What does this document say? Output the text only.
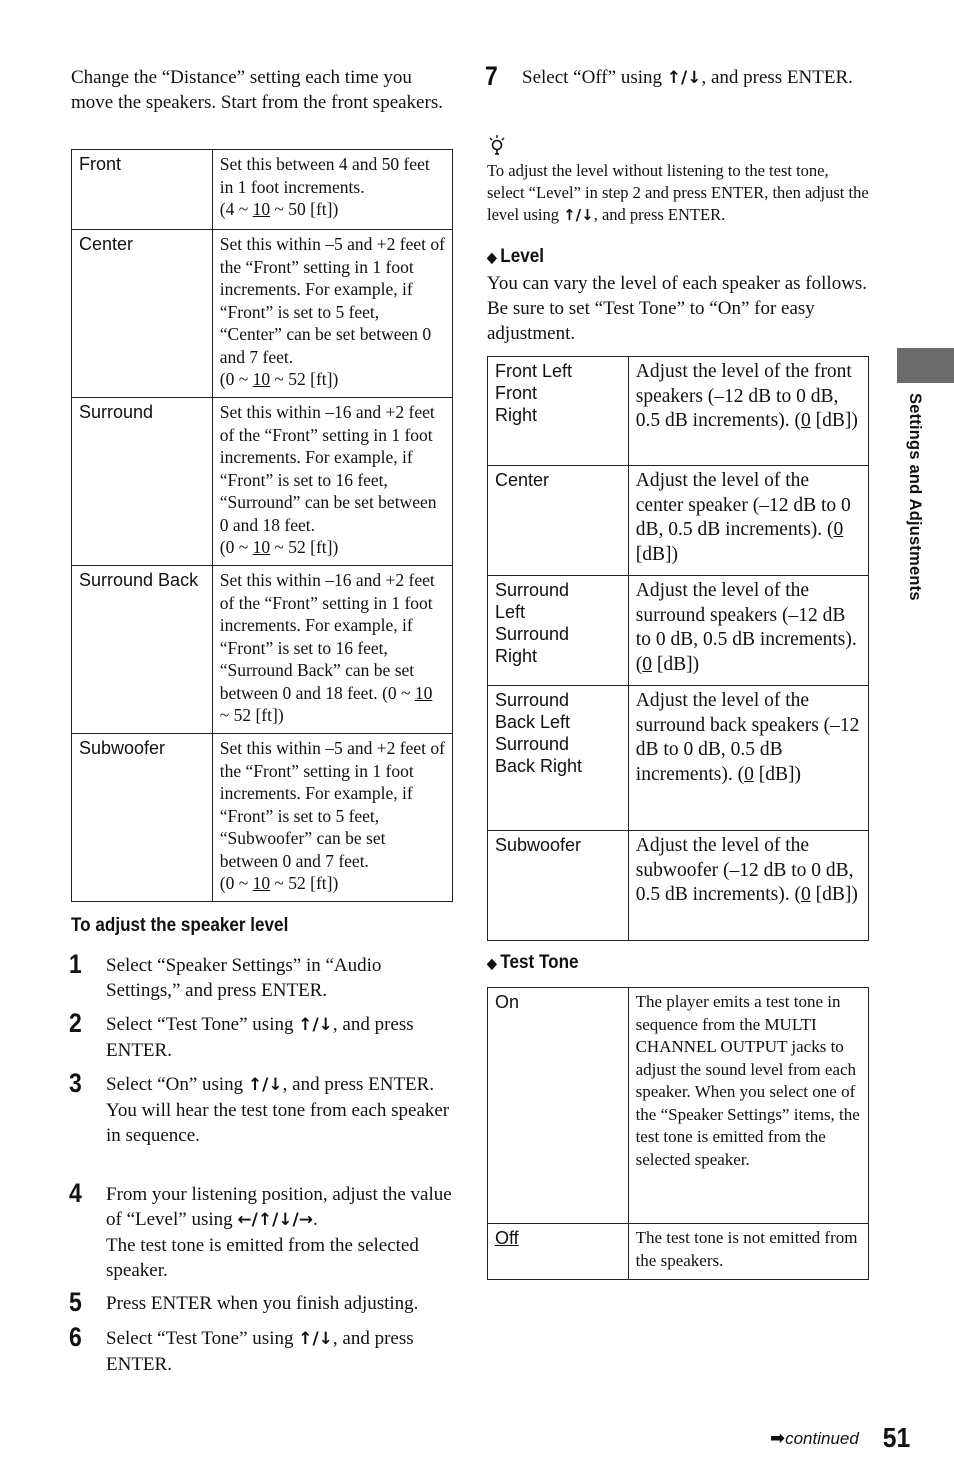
Change the “Distance” setting each time you move the speakers. Start from the front speakers.

Front	Set this between 4 and 50 feet in 1 foot increments.
(4 ~ 10 ~ 50 [ft])
Center	Set this within –5 and +2 feet of the “Front” setting in 1 foot increments. For example, if “Front” is set to 5 feet, “Center” can be set between 0 and 7 feet.
(0 ~ 10 ~ 52 [ft])
Surround	Set this within –16 and +2 feet of the “Front” setting in 1 foot increments. For example, if “Front” is set to 16 feet, “Surround” can be set between 0 and 18 feet.
(0 ~ 10 ~ 52 [ft])
Surround Back	Set this within –16 and +2 feet of the “Front” setting in 1 foot increments. For example, if “Front” is set to 16 feet, “Surround Back” can be set between 0 and 18 feet. (0 ~ 10 ~ 52 [ft])
Subwoofer	Set this within –5 and +2 feet of the “Front” setting in 1 foot increments. For example, if “Front” is set to 5 feet, “Subwoofer” can be set between 0 and 7 feet.
(0 ~ 10 ~ 52 [ft])
To adjust the speaker level
1 Select “Speaker Settings” in “Audio Settings,” and press ENTER.

2 Select “Test Tone” using ↑/↓, and press ENTER.

3 Select “On” using ↑/↓, and press ENTER.
You will hear the test tone from each speaker in sequence.

4 From your listening position, adjust the value of “Level” using ←/↑/↓/→.
The test tone is emitted from the selected speaker.

5 Press ENTER when you finish adjusting.

6 Select “Test Tone” using ↑/↓, and press ENTER.

7 Select “Off” using ↑/↓, and press ENTER.

To adjust the level without listening to the test tone, select “Level” in step 2 and press ENTER, then adjust the level using ↑/↓, and press ENTER.

◆ Level

You can vary the level of each speaker as follows. Be sure to set “Test Tone” to “On” for easy adjustment.

Front Left Front Right	Adjust the level of the front speakers (–12 dB to 0 dB, 0.5 dB increments). (0 [dB])
Center	Adjust the level of the center speaker (–12 dB to 0 dB, 0.5 dB increments). (0 [dB])

Surround Left Surround Right	Adjust the level of the surround speakers (–12 dB to 0 dB, 0.5 dB increments). (0 [dB])

Surround Back Left Surround Back Right	Adjust the level of the surround back speakers (–12 dB to 0 dB, 0.5 dB increments). (0 [dB])
Subwoofer	Adjust the level of the subwoofer (–12 dB to 0 dB, 0.5 dB increments). (0 [dB])
◆ Test Tone
On	The player emits a test tone in sequence from the MULTI CHANNEL OUTPUT jacks to adjust the sound level from each speaker. When you select one of the “Speaker Settings” items, the test tone is emitted from the selected speaker.
Off	The test tone is not emitted from the speakers.
Settings and Adjustments
➡continued 51
